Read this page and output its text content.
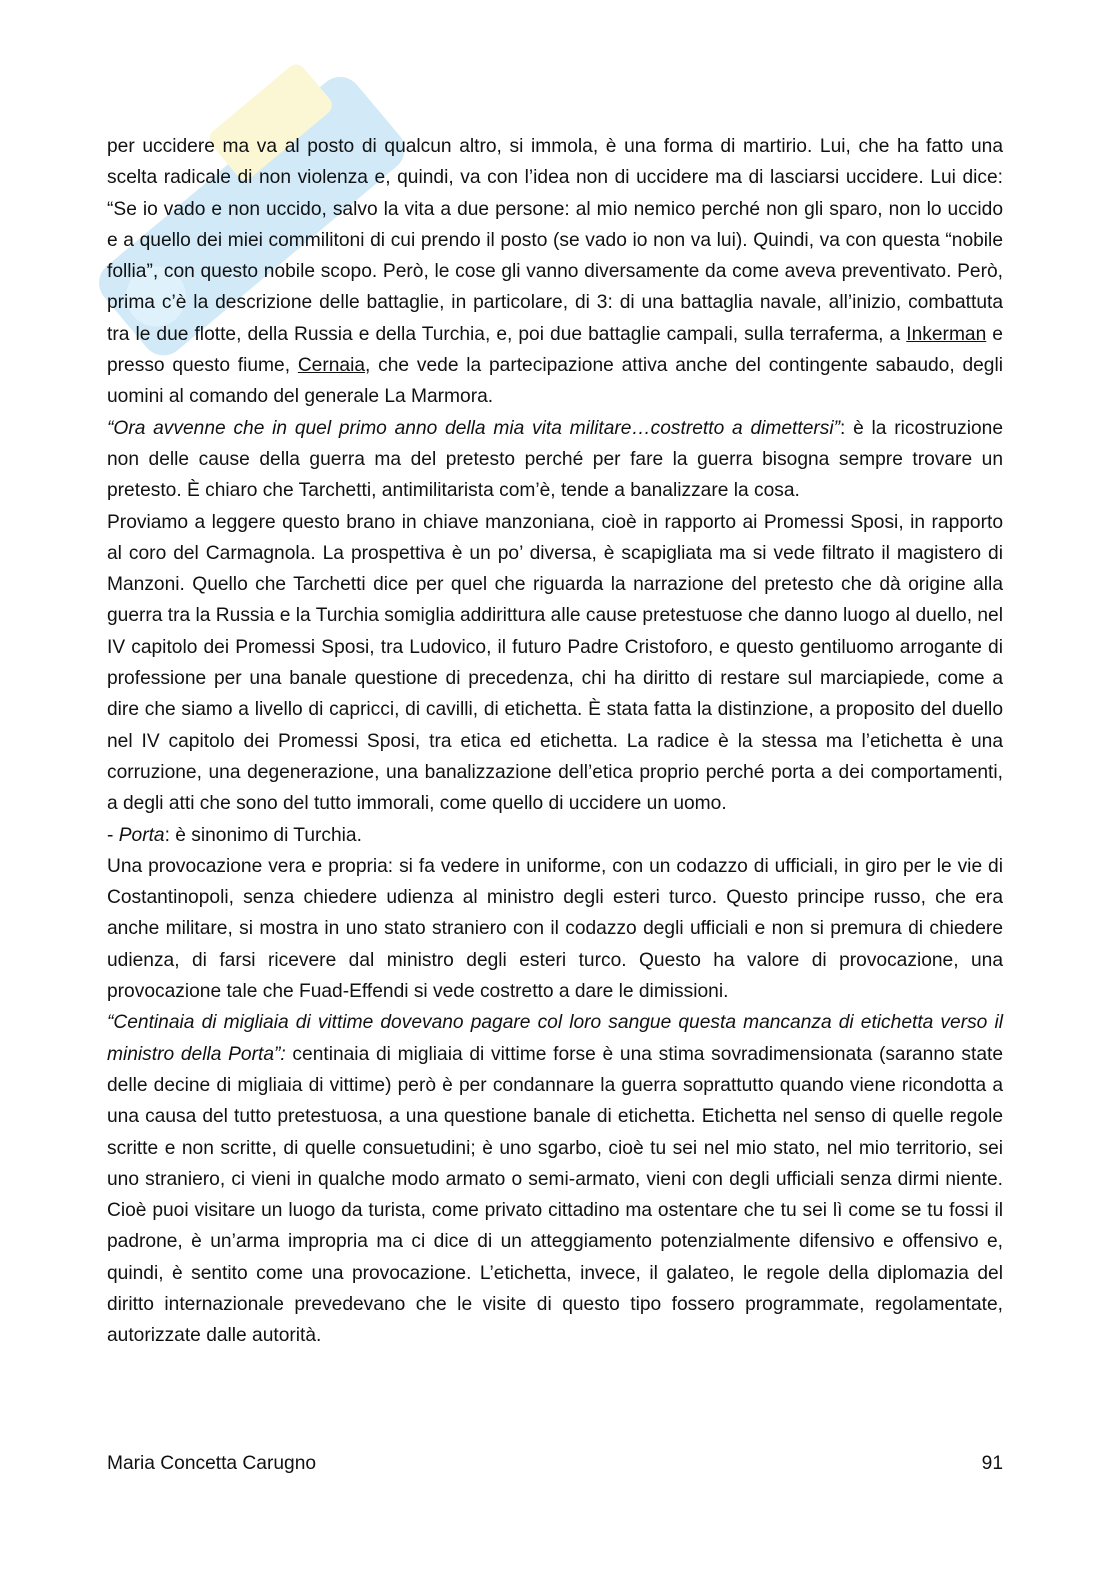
per uccidere ma va al posto di qualcun altro, si immola, è una forma di martirio. Lui, che ha fatto una scelta radicale di non violenza e, quindi, va con l’idea non di uccidere ma di lasciarsi uccidere. Lui dice: “Se io vado e non uccido, salvo la vita a due persone: al mio nemico perché non gli sparo, non lo uccido e a quello dei miei commilitoni di cui prendo il posto (se vado io non va lui). Quindi, va con questa “nobile follia”, con questo nobile scopo. Però, le cose gli vanno diversamente da come aveva preventivato. Però, prima c’è la descrizione delle battaglie, in particolare, di 3: di una battaglia navale, all’inizio, combattuta tra le due flotte, della Russia e della Turchia, e, poi due battaglie campali, sulla terraferma, a Inkerman e presso questo fiume, Cernaia, che vede la partecipazione attiva anche del contingente sabaudo, degli uomini al comando del generale La Marmora.

“Ora avvenne che in quel primo anno della mia vita militare…costretto a dimettersi”: è la ricostruzione non delle cause della guerra ma del pretesto perché per fare la guerra bisogna sempre trovare un pretesto. È chiaro che Tarchetti, antimilitarista com’è, tende a banalizzare la cosa.

Proviamo a leggere questo brano in chiave manzoniana, cioè in rapporto ai Promessi Sposi, in rapporto al coro del Carmagnola. La prospettiva è un po’ diversa, è scapigliata ma si vede filtrato il magistero di Manzoni. Quello che Tarchetti dice per quel che riguarda la narrazione del pretesto che dà origine alla guerra tra la Russia e la Turchia somiglia addirittura alle cause pretestuose che danno luogo al duello, nel IV capitolo dei Promessi Sposi, tra Ludovico, il futuro Padre Cristoforo, e questo gentiluomo arrogante di professione per una banale questione di precedenza, chi ha diritto di restare sul marciapiede, come a dire che siamo a livello di capricci, di cavilli, di etichetta. È stata fatta la distinzione, a proposito del duello nel IV capitolo dei Promessi Sposi, tra etica ed etichetta. La radice è la stessa ma l’etichetta è una corruzione, una degenerazione, una banalizzazione dell’etica proprio perché porta a dei comportamenti, a degli atti che sono del tutto immorali, come quello di uccidere un uomo.

- Porta: è sinonimo di Turchia.

Una provocazione vera e propria: si fa vedere in uniforme, con un codazzo di ufficiali, in giro per le vie di Costantinopoli, senza chiedere udienza al ministro degli esteri turco. Questo principe russo, che era anche militare, si mostra in uno stato straniero con il codazzo degli ufficiali e non si premura di chiedere udienza, di farsi ricevere dal ministro degli esteri turco. Questo ha valore di provocazione, una provocazione tale che Fuad-Effendi si vede costretto a dare le dimissioni.

“Centinaia di migliaia di vittime dovevano pagare col loro sangue questa mancanza di etichetta verso il ministro della Porta”: centinaia di migliaia di vittime forse è una stima sovradimensionata (saranno state delle decine di migliaia di vittime) però è per condannare la guerra soprattutto quando viene ricondotta a una causa del tutto pretestuosa, a una questione banale di etichetta. Etichetta nel senso di quelle regole scritte e non scritte, di quelle consuetudini; è uno sgarbo, cioè tu sei nel mio stato, nel mio territorio, sei uno straniero, ci vieni in qualche modo armato o semi-armato, vieni con degli ufficiali senza dirmi niente. Cioè puoi visitare un luogo da turista, come privato cittadino ma ostentare che tu sei lì come se tu fossi il padrone, è un’arma impropria ma ci dice di un atteggiamento potenzialmente difensivo e offensivo e, quindi, è sentito come una provocazione. L’etichetta, invece, il galateo, le regole della diplomazia del diritto internazionale prevedevano che le visite di questo tipo fossero programmate, regolamentate, autorizzate dalle autorità.

Maria Concetta Carugno	91
